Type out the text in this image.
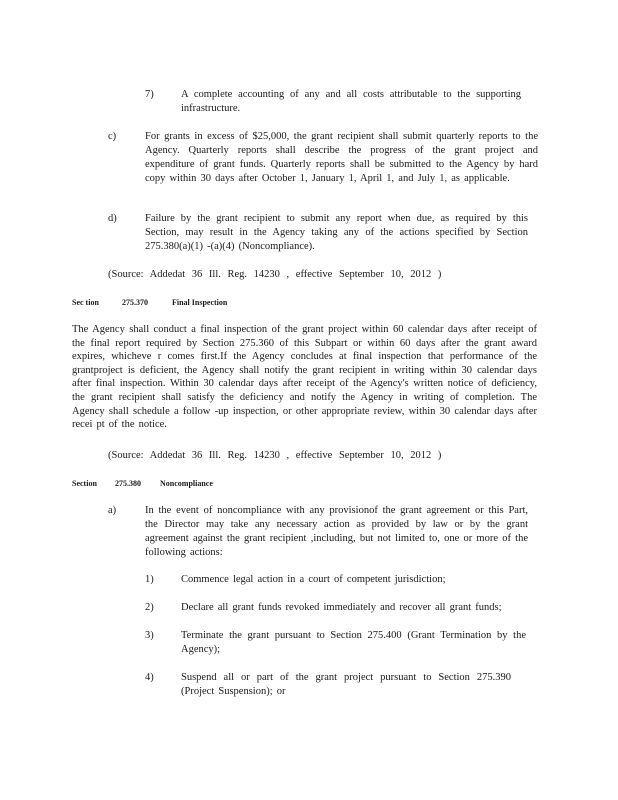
7)	A complete accounting of any and all costs attributable to the supporting infrastructure.
c)	For grants in excess of $25,000, the grant recipient shall submit quarterly reports to the Agency. Quarterly reports shall describe the progress of the grant project and expenditure of grant funds. Quarterly reports shall be submitted to the Agency by hard copy within 30 days after October 1, January 1, April 1, and July 1, as applicable.
d)	Failure by the grant recipient to submit any report when due, as required by this Section, may result in the Agency taking any of the actions specified by Section 275.380(a)(1) -(a)(4) (Noncompliance).
(Source: Addedat 36 Ill. Reg. 14230 , effective September 10, 2012 )
Sec tion	275.370	Final Inspection
The Agency shall conduct a final inspection of the grant project within 60 calendar days after receipt of the final report required by Section 275.360 of this Subpart or within 60 days after the grant award expires, whicheve r comes first.If the Agency concludes at final inspection that performance of the grantproject is deficient, the Agency shall notify the grant recipient in writing within 30 calendar days after final inspection. Within 30 calendar days after receipt of the Agency's written notice of deficiency, the grant recipient shall satisfy the deficiency and notify the Agency in writing of completion. The Agency shall schedule a follow -up inspection, or other appropriate review, within 30 calendar days after recei pt of the notice.
(Source: Addedat 36 Ill. Reg. 14230 , effective September 10, 2012 )
Section 275.380 Noncompliance
a)	In the event of noncompliance with any provisionof the grant agreement or this Part, the Director may take any necessary action as provided by law or by the grant agreement against the grant recipient ,including, but not limited to, one or more of the following actions:
1)	Commence legal action in a court of competent jurisdiction;
2)	Declare all grant funds revoked immediately and recover all grant funds;
3)	Terminate the grant pursuant to Section 275.400 (Grant Termination by the Agency);
4)	Suspend all or part of the grant project pursuant to Section 275.390 (Project Suspension); or
